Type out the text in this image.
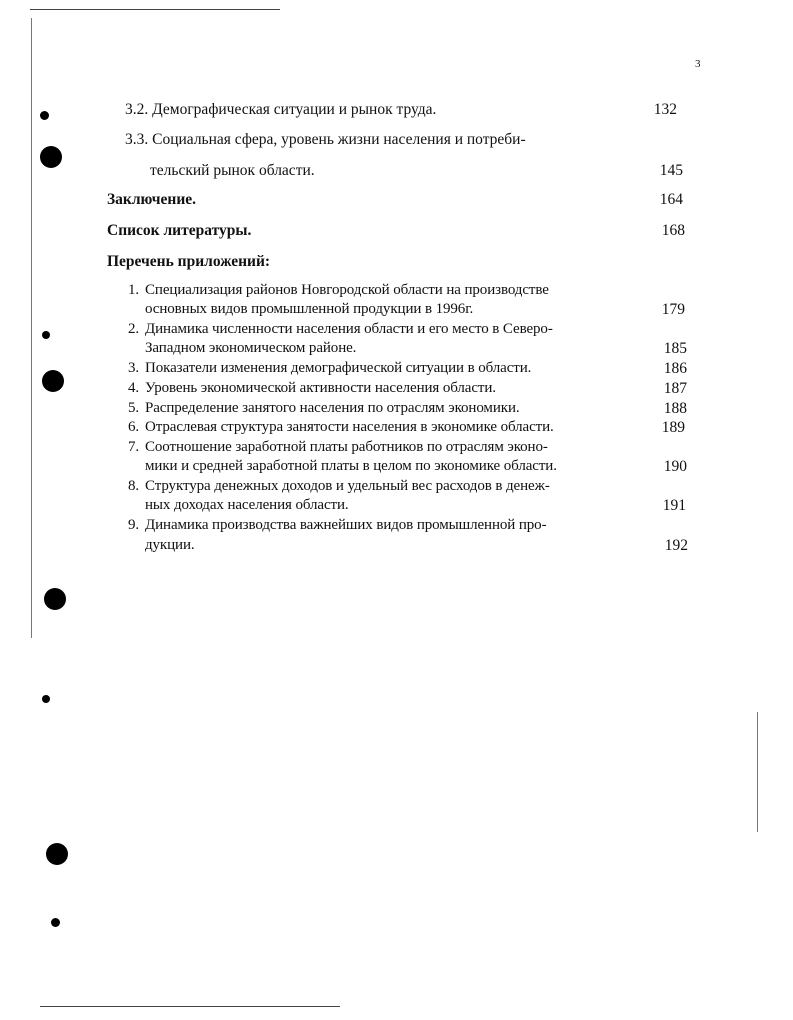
3
3.2. Демографическая ситуации и рынок труда.	132
3.3. Социальная сфера, уровень жизни населения и потреби-
тельский рынок области.	145
Заключение.	164
Список литературы.	168
Перечень приложений:
1. Специализация районов Новгородской области на производстве
основных видов промышленной продукции в 1996г.	179
2. Динамика численности населения области и его место в Северо-
Западном экономическом районе.	185
3. Показатели изменения демографической ситуации в области.	186
4. Уровень экономической активности населения области.	187
5. Распределение занятого населения по отраслям экономики.	188
6. Отраслевая структура занятости населения в экономике области.	189
7. Соотношение заработной платы работников по отраслям эконо-
мики и средней заработной платы в целом по экономике области.	190
8. Структура денежных доходов и удельный вес расходов в денеж-
ных доходах населения области.	191
9. Динамика производства важнейших видов промышленной про-
дукции.	192
